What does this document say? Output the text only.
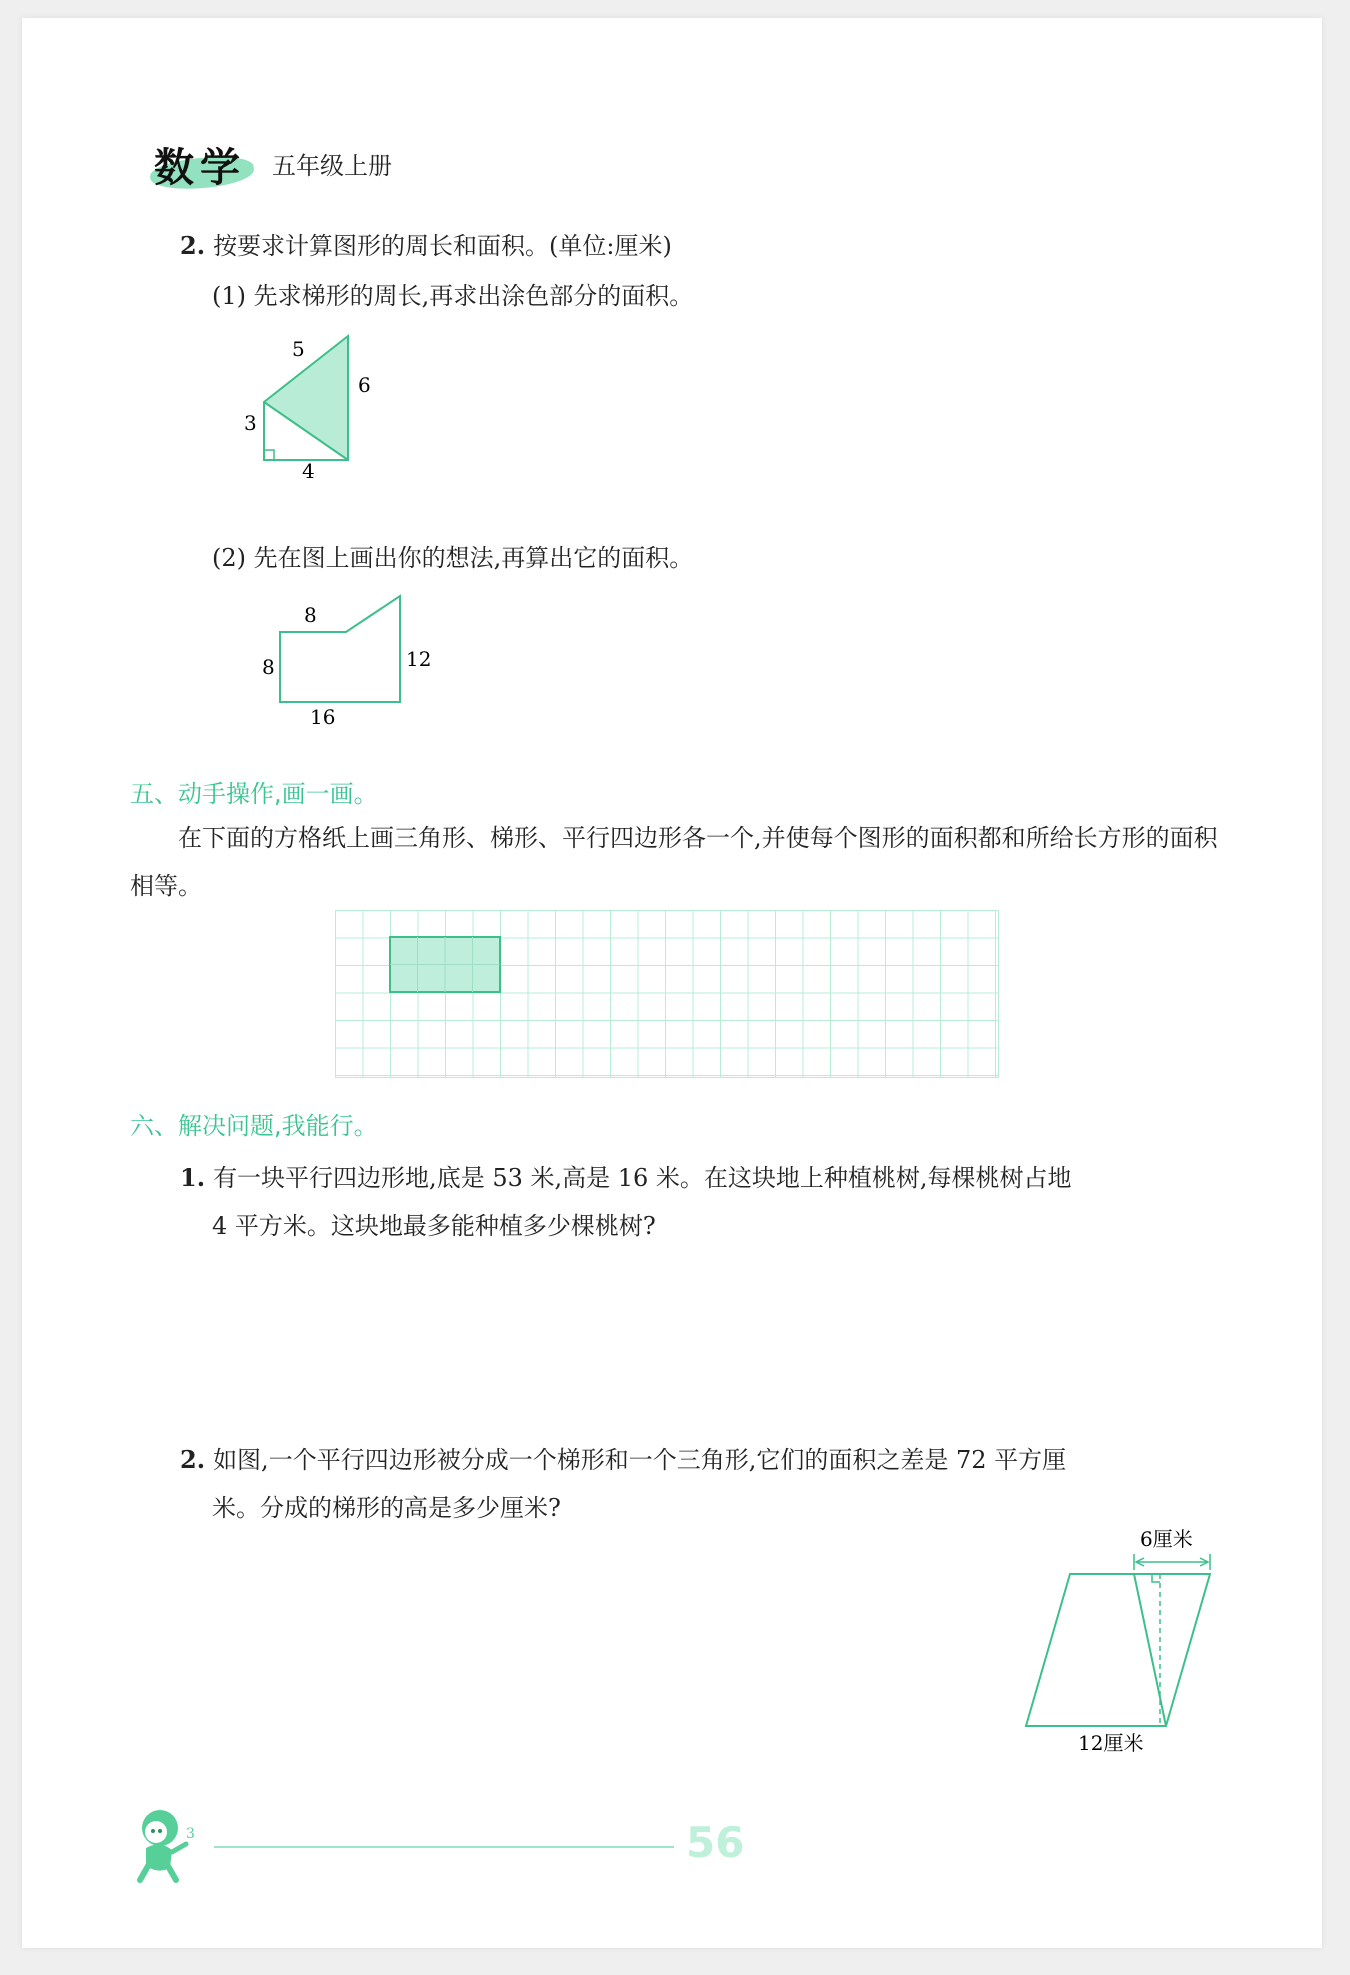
数学 五年级上册
2. 按要求计算图形的周长和面积。(单位:厘米)
(1) 先求梯形的周长,再求出涂色部分的面积。
5
6
3
4
(2) 先在图上画出你的想法,再算出它的面积。
8
8	12
16
五、动手操作,画一画。
在下面的方格纸上画三角形、梯形、平行四边形各一个,并使每个图形的面积都和所给长方形的面积相等。
六、解决问题,我能行。
1. 有一块平行四边形地,底是 53 米,高是 16 米。在这块地上种植桃树,每棵桃树占地
4 平方米。这块地最多能种植多少棵桃树?
2. 如图,一个平行四边形被分成一个梯形和一个三角形,它们的面积之差是 72 平方厘
米。分成的梯形的高是多少厘米?
6厘米
12厘米
3	56
